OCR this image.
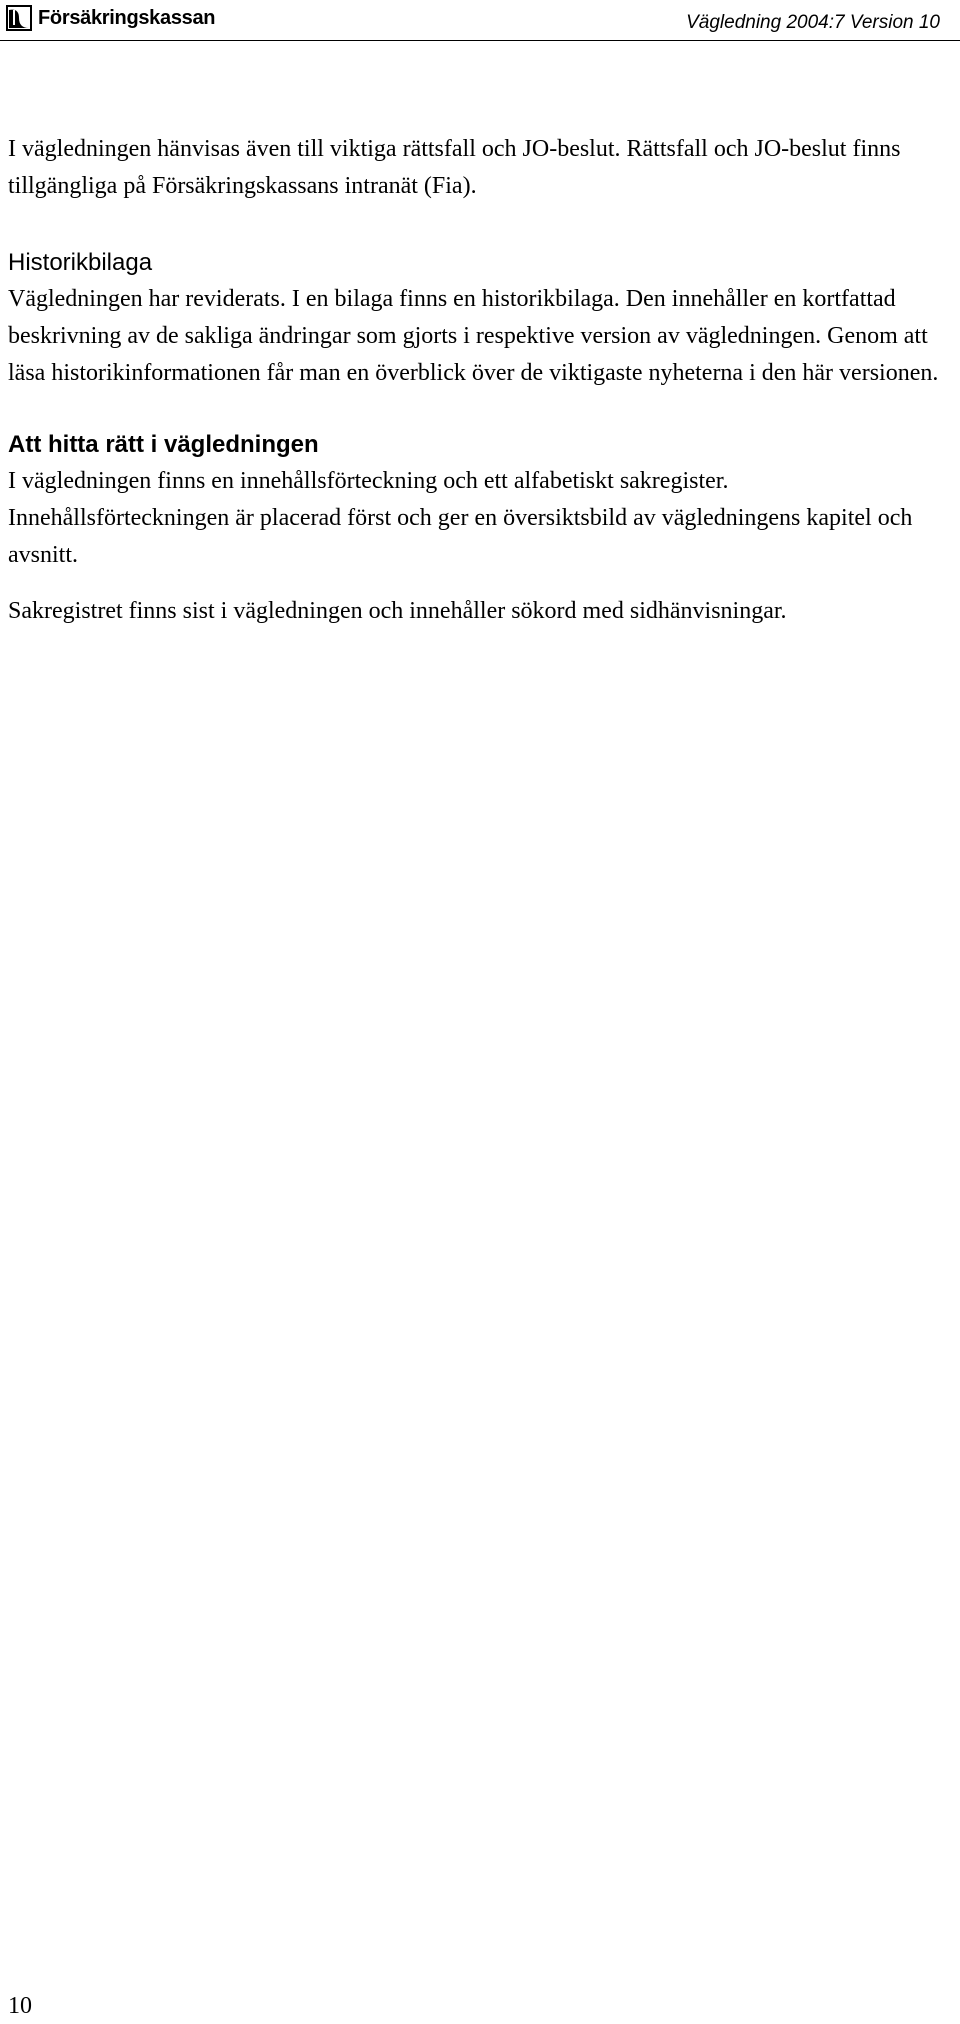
Försäkringskassan	Vägledning 2004:7 Version 10

I vägledningen hänvisas även till viktiga rättsfall och JO-beslut. Rättsfall och JO-beslut finns tillgängliga på Försäkringskassans intranät (Fia).

Historikbilaga

Vägledningen har reviderats. I en bilaga finns en historikbilaga. Den innehåller en kortfattad beskrivning av de sakliga ändringar som gjorts i respektive version av vägledningen. Genom att läsa historikinformationen får man en överblick över de viktigaste nyheterna i den här versionen.

Att hitta rätt i vägledningen

I vägledningen finns en innehållsförteckning och ett alfabetiskt sakregister. Innehållsförteckningen är placerad först och ger en översiktsbild av vägledningens kapitel och avsnitt.

Sakregistret finns sist i vägledningen och innehåller sökord med sidhänvisningar.

10
